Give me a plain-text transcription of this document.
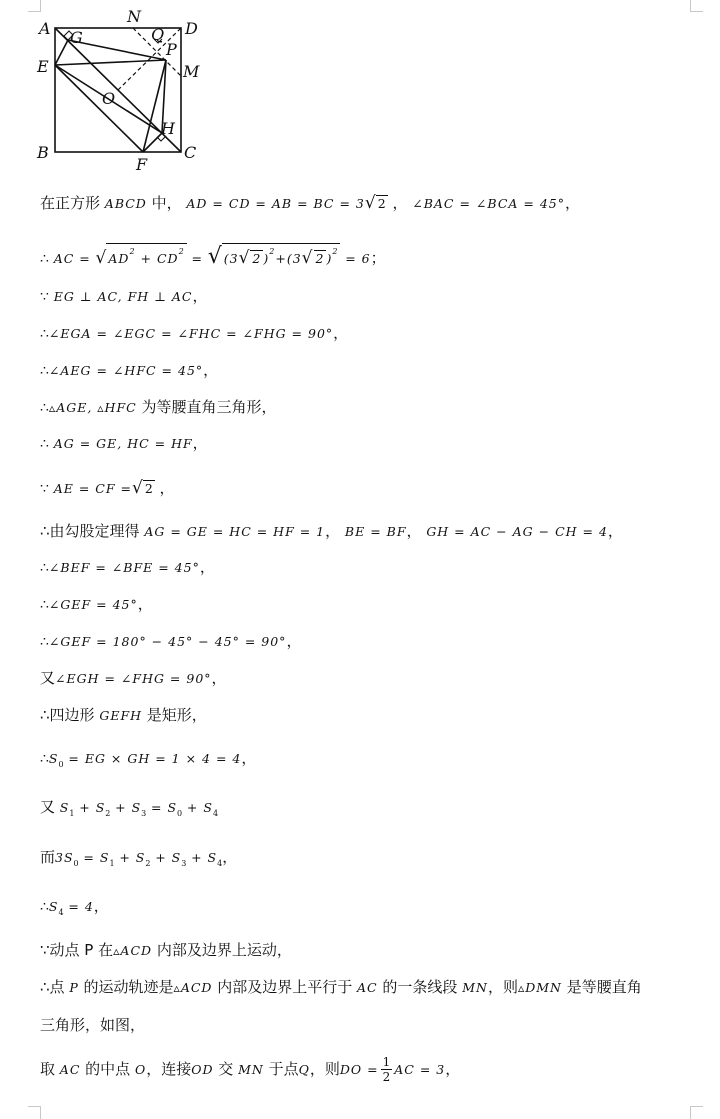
A
N
D
G	Q
P
E	M
O
H
B
F
C
在正方形 ABCD 中， AD = CD = AB = BC = 3√ 2 ， ∠BAC = ∠BCA = 45°，
∴ AC = √ $AD^2 + CD^2$ = √ (3√ 2 )$^2$+(3√ 2 )$^2$ = 6；
∵ EG ⊥ AC, FH ⊥ AC，
∴∠EGA = ∠EGC = ∠FHC = ∠FHG = 90°，
∴∠AEG = ∠HFC = 45°，
∴▵AGE, ▵HFC 为等腰直角三角形，
∴ AG = GE, HC = HF，
∵ AE = CF =√ 2 ，
∴由勾股定理得 AG = GE = HC = HF = 1， BE = BF， GH = AC − AG − CH = 4，
∴∠BEF = ∠BFE = 45°，
∴∠GEF = 45°，
∴∠GEF = 180° − 45° − 45° = 90°，
又∠EGH = ∠FHG = 90°，
∴四边形 GEFH 是矩形，
$\therefore S_0$ = EG × GH = 1 × 4 = 4，
又 $S_1 + S_2 + S_3 = S_0 + S_4$
而$3S_0 = S_1 + S_2 + S_3 + S_4$，
$\therefore S_4 = 4$，
∵动点 P 在▵ACD 内部及边界上运动，
∴点 P 的运动轨迹是▵ACD 内部及边界上平行于 AC 的一条线段 MN，则▵DMN 是等腰直角
三角形，如图，
取 AC 的中点 O，连接OD 交 MN 于点Q，则DO = $\frac{1}{2}$ AC = 3，
